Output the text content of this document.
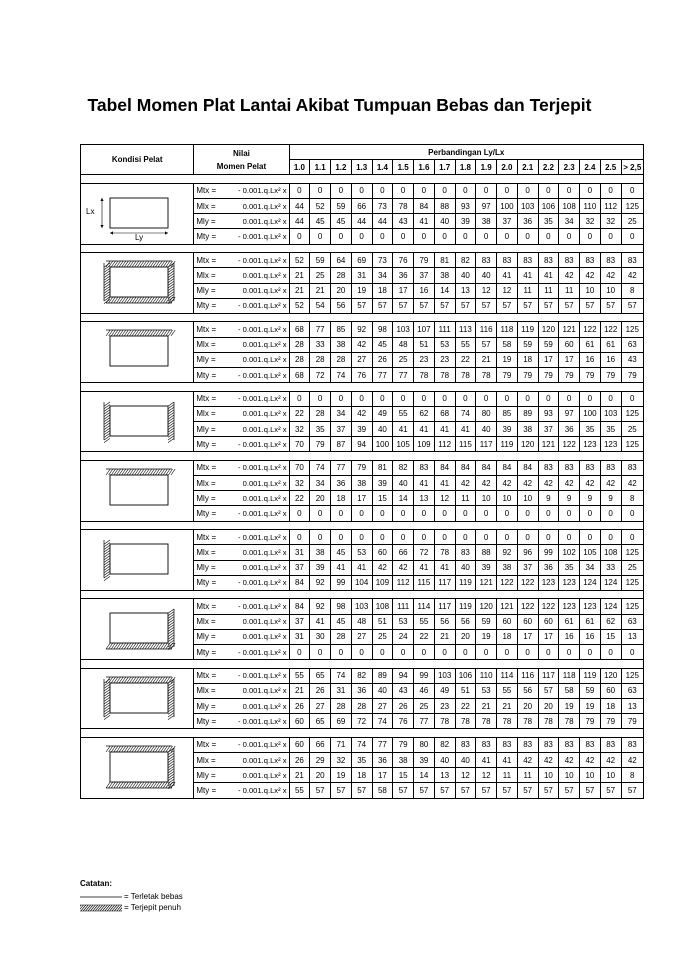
Tabel Momen Plat Lantai Akibat Tumpuan Bebas dan Terjepit
Kondisi Pelat	Nilai
Momen Pelat		Perbandingan Ly/Lx																
			1.0	1.1	1.2	1.3	1.4	1.5	1.6	1.7	1.8	1.9	2.0	2.1	2.2	2.3	2.4	2.5	> 2,5

Lx
Ly	Mtx =	- 0.001.q.Lx² x	0	0	0	0	0	0	0	0	0	0	0	0	0	0	0	0	0
	Mlx =	0.001.q.Lx² x	44	52	59	66	73	78	84	88	93	97	100	103	106	108	110	112	125
	Mly =	0.001.q.Lx² x	44	45	45	44	44	43	41	40	39	38	37	36	35	34	32	32	25
	Mty =	- 0.001.q.Lx² x	0	0	0	0	0	0	0	0	0	0	0	0	0	0	0	0	0

	Mtx =	- 0.001.q.Lx² x	52	59	64	69	73	76	79	81	82	83	83	83	83	83	83	83	83
	Mlx =	0.001.q.Lx² x	21	25	28	31	34	36	37	38	40	40	41	41	41	42	42	42	42
	Mly =	0.001.q.Lx² x	21	21	20	19	18	17	16	14	13	12	12	11	11	11	10	10	8
	Mty =	- 0.001.q.Lx² x	52	54	56	57	57	57	57	57	57	57	57	57	57	57	57	57	57

	Mtx =	- 0.001.q.Lx² x	68	77	85	92	98	103	107	111	113	116	118	119	120	121	122	122	125
	Mlx =	0.001.q.Lx² x	28	33	38	42	45	48	51	53	55	57	58	59	59	60	61	61	63
	Mly =	0.001.q.Lx² x	28	28	28	27	26	25	23	23	22	21	19	18	17	17	16	16	43
	Mty =	- 0.001.q.Lx² x	68	72	74	76	77	77	78	78	78	78	79	79	79	79	79	79	79

	Mtx =	- 0.001.q.Lx² x	0	0	0	0	0	0	0	0	0	0	0	0	0	0	0	0	0
	Mlx =	0.001.q.Lx² x	22	28	34	42	49	55	62	68	74	80	85	89	93	97	100	103	125
	Mly =	0.001.q.Lx² x	32	35	37	39	40	41	41	41	41	40	39	38	37	36	35	35	25
	Mty =	- 0.001.q.Lx² x	70	79	87	94	100	105	109	112	115	117	119	120	121	122	123	123	125

	Mtx =	- 0.001.q.Lx² x	70	74	77	79	81	82	83	84	84	84	84	84	83	83	83	83	83
	Mlx =	0.001.q.Lx² x	32	34	36	38	39	40	41	41	42	42	42	42	42	42	42	42	42
	Mly =	0.001.q.Lx² x	22	20	18	17	15	14	13	12	11	10	10	10	9	9	9	9	8
	Mty =	- 0.001.q.Lx² x	0	0	0	0	0	0	0	0	0	0	0	0	0	0	0	0	0

	Mtx =	- 0.001.q.Lx² x	0	0	0	0	0	0	0	0	0	0	0	0	0	0	0	0	0
	Mlx =	0.001.q.Lx² x	31	38	45	53	60	66	72	78	83	88	92	96	99	102	105	108	125
	Mly =	0.001.q.Lx² x	37	39	41	41	42	42	41	41	40	39	38	37	36	35	34	33	25
	Mty =	- 0.001.q.Lx² x	84	92	99	104	109	112	115	117	119	121	122	122	123	123	124	124	125

	Mtx =	- 0.001.q.Lx² x	84	92	98	103	108	111	114	117	119	120	121	122	122	123	123	124	125
	Mlx =	0.001.q.Lx² x	37	41	45	48	51	53	55	56	56	59	60	60	60	61	61	62	63
	Mly =	0.001.q.Lx² x	31	30	28	27	25	24	22	21	20	19	18	17	17	16	16	15	13
	Mty =	- 0.001.q.Lx² x	0	0	0	0	0	0	0	0	0	0	0	0	0	0	0	0	0

	Mtx =	- 0.001.q.Lx² x	55	65	74	82	89	94	99	103	106	110	114	116	117	118	119	120	125
	Mlx =	0.001.q.Lx² x	21	26	31	36	40	43	46	49	51	53	55	56	57	58	59	60	63
	Mly =	0.001.q.Lx² x	26	27	28	28	27	26	25	23	22	21	21	20	20	19	19	18	13
	Mty =	- 0.001.q.Lx² x	60	65	69	72	74	76	77	78	78	78	78	78	78	78	79	79	79

	Mtx =	- 0.001.q.Lx² x	60	66	71	74	77	79	80	82	83	83	83	83	83	83	83	83	83
	Mlx =	0.001.q.Lx² x	26	29	32	35	36	38	39	40	40	41	41	42	42	42	42	42	42
	Mly =	0.001.q.Lx² x	21	20	19	18	17	15	14	13	12	12	11	11	10	10	10	10	8
	Mty =	- 0.001.q.Lx² x	55	57	57	57	58	57	57	57	57	57	57	57	57	57	57	57	57
Catatan:
= Terletak bebas
= Terjepit penuh
